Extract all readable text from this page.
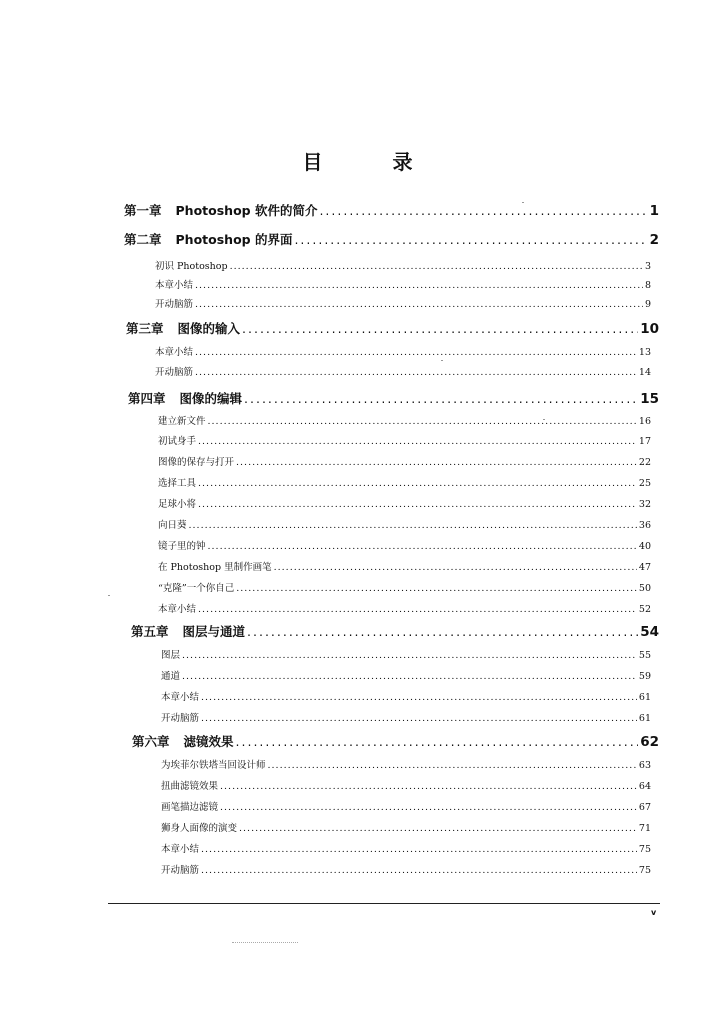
目	录
第一章 Photoshop 软件的简介 .....	1
第二章 Photoshop 的界面 .....	2
初识 Photoshop .....	3
本章小结 .....	8
开动脑筋 .....	9
第三章 图像的输入 .....	10
本章小结 .....	13
开动脑筋 .....	14
第四章 图像的编辑 .....	15
建立新文件 .....	16
初试身手 .....	17
图像的保存与打开 .....	22
选择工具 .....	25
足球小将 .....	32
向日葵 .....	36
镜子里的钟 .....	40
在 Photoshop 里制作画笔 .....	47
“克隆”一个你自己 .....	50
本章小结 .....	52
第五章 图层与通道 .....	54
图层 .....	55
通道 .....	59
本章小结 .....	61
开动脑筋 .....	61
第六章 滤镜效果 .....	62
为埃菲尔铁塔当回设计师 .....	63
扭曲滤镜效果 .....	64
画笔描边滤镜 .....	67
狮身人面像的演变 .....	71
本章小结 .....	75
开动脑筋 .....	75
v
